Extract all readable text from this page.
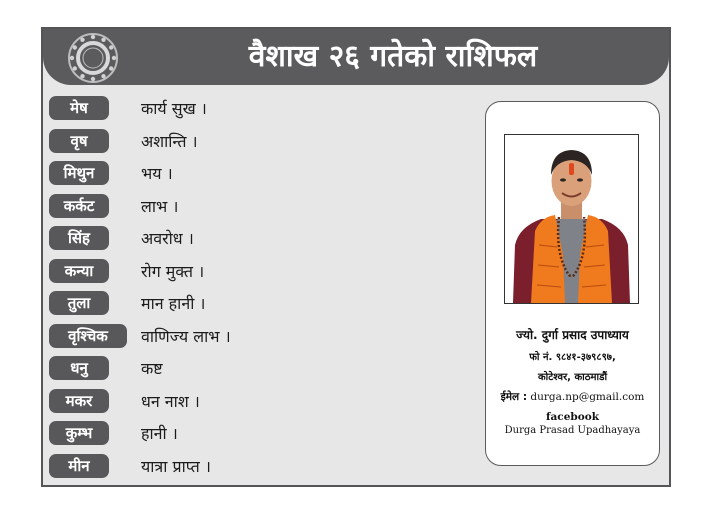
वैशाख २६ गतेको राशिफल
मेष	कार्य सुख ।
वृष	अशान्ति ।
मिथुन	भय ।
कर्कट	लाभ ।
सिंह	अवरोध ।
कन्या	रोग मुक्त ।
तुला	मान हानी ।
वृश्चिक	वाणिज्य लाभ ।
धनु	कष्ट
मकर	धन नाश ।
कुम्भ	हानी ।
मीन	यात्रा प्राप्त ।
ज्यो. दुर्गा प्रसाद उपाध्याय
फो नं. ९८४१-३७९८९७,
कोटेश्वर, काठमाडौं
ईमेल : durga.np@gmail.com
facebook
Durga Prasad Upadhayaya
